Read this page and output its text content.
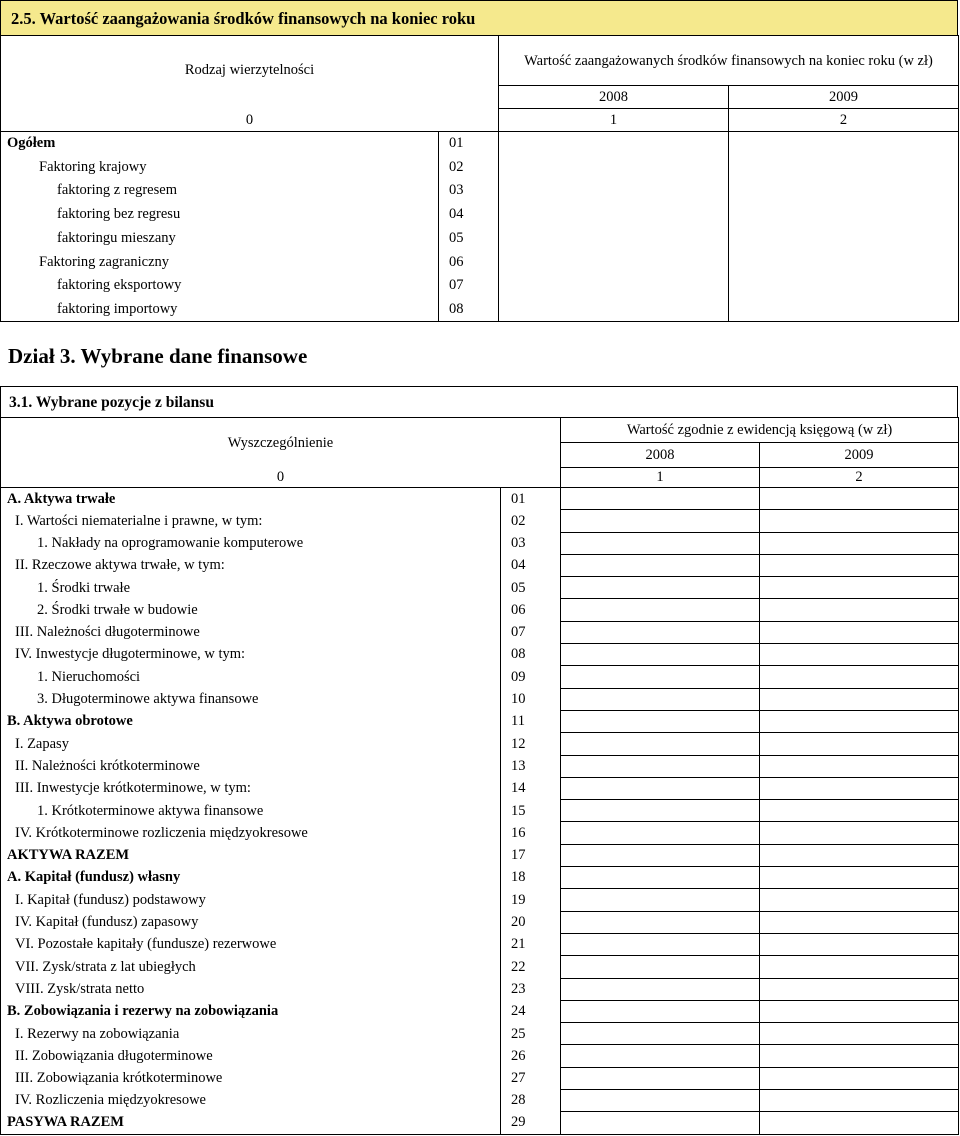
2.5. Wartość zaangażowania środków finansowych na koniec roku
Rodzaj wierzytelności		Wartość zaangażowanych środków finansowych na koniec roku (w zł)	
		2008	2009
0		1	2
Ogółem	01		
Faktoring krajowy	02		
faktoring z regresem	03		
faktoring bez regresu	04		
faktoringu mieszany	05		
Faktoring zagraniczny	06		
faktoring eksportowy	07		
faktoring importowy	08		
Dział 3. Wybrane dane finansowe
3.1. Wybrane pozycje z bilansu
Wyszczególnienie		Wartość zgodnie z ewidencją księgową (w zł)	
		2008	2009
0		1	2
A. Aktywa trwałe	01		
I. Wartości niematerialne i prawne, w tym:	02		
1. Nakłady na oprogramowanie komputerowe	03		
II. Rzeczowe aktywa trwałe, w tym:	04		
1. Środki trwałe	05		
2. Środki trwałe w budowie	06		
III. Należności długoterminowe	07		
IV. Inwestycje długoterminowe, w tym:	08		
1. Nieruchomości	09		
3. Długoterminowe aktywa finansowe	10		
B. Aktywa obrotowe	11		
I. Zapasy	12		
II. Należności krótkoterminowe	13		
III. Inwestycje krótkoterminowe, w tym:	14		
1. Krótkoterminowe aktywa finansowe	15		
IV. Krótkoterminowe rozliczenia międzyokresowe	16		
AKTYWA RAZEM	17		
A. Kapitał (fundusz) własny	18		
I. Kapitał (fundusz) podstawowy	19		
IV. Kapitał (fundusz) zapasowy	20		
VI. Pozostałe kapitały (fundusze) rezerwowe	21		
VII. Zysk/strata z lat ubiegłych	22		
VIII. Zysk/strata netto	23		
B. Zobowiązania i rezerwy na zobowiązania	24		
I. Rezerwy na zobowiązania	25		
II. Zobowiązania długoterminowe	26		
III. Zobowiązania krótkoterminowe	27		
IV. Rozliczenia międzyokresowe	28		
PASYWA RAZEM	29		
